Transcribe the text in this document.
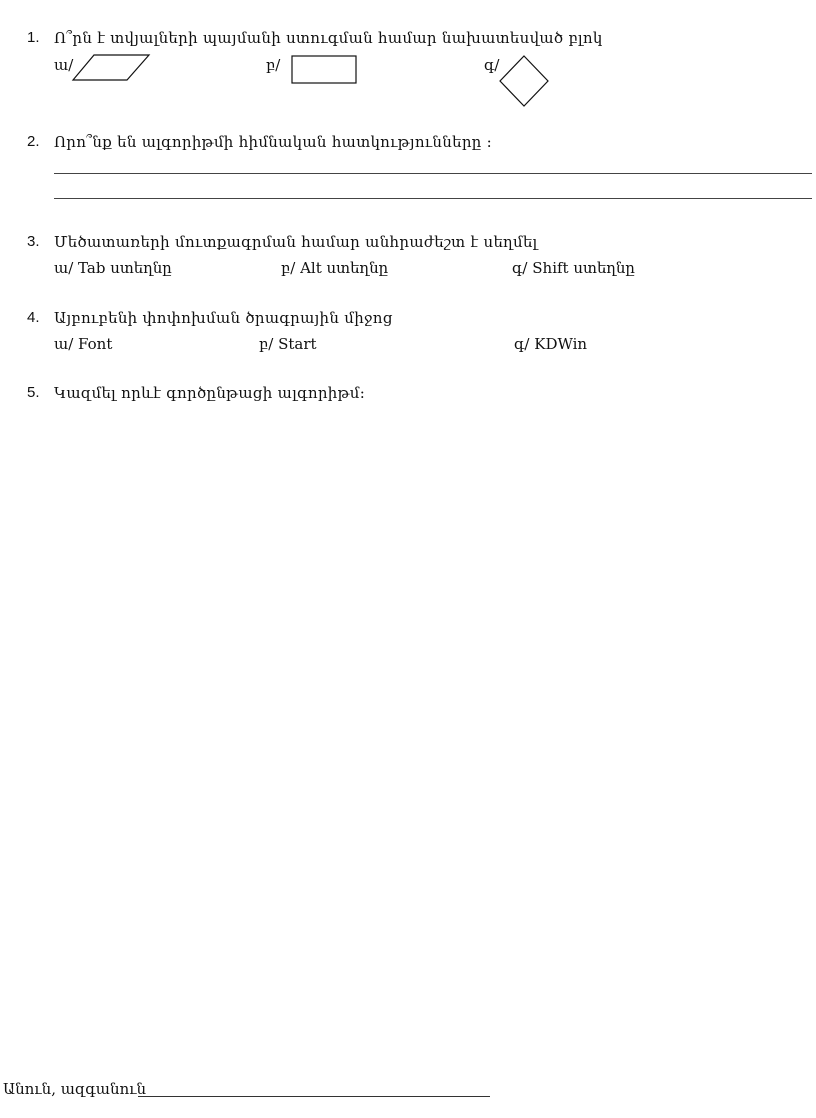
1. Ո՞րն է տվյալների պայմանի ստուգման համար նախատեսված բլոկ
ա/	բ/	գ/
2. Որո՞նք են ալգորիթմի հիմնական հատկությունները :
3. Մեծատառերի մուտքագրման համար անհրաժեշտ է սեղմել
ա/ Tab ստեղնը	բ/ Alt ստեղնը	գ/ Shift ստեղնը
4. Այբուբենի փոփոխման ծրագրային միջոց
ա/ Font	բ/ Start	գ/ KDWin
5. Կազմել որևէ գործընթացի ալգորիթմ:
Անուն, ազգանուն
